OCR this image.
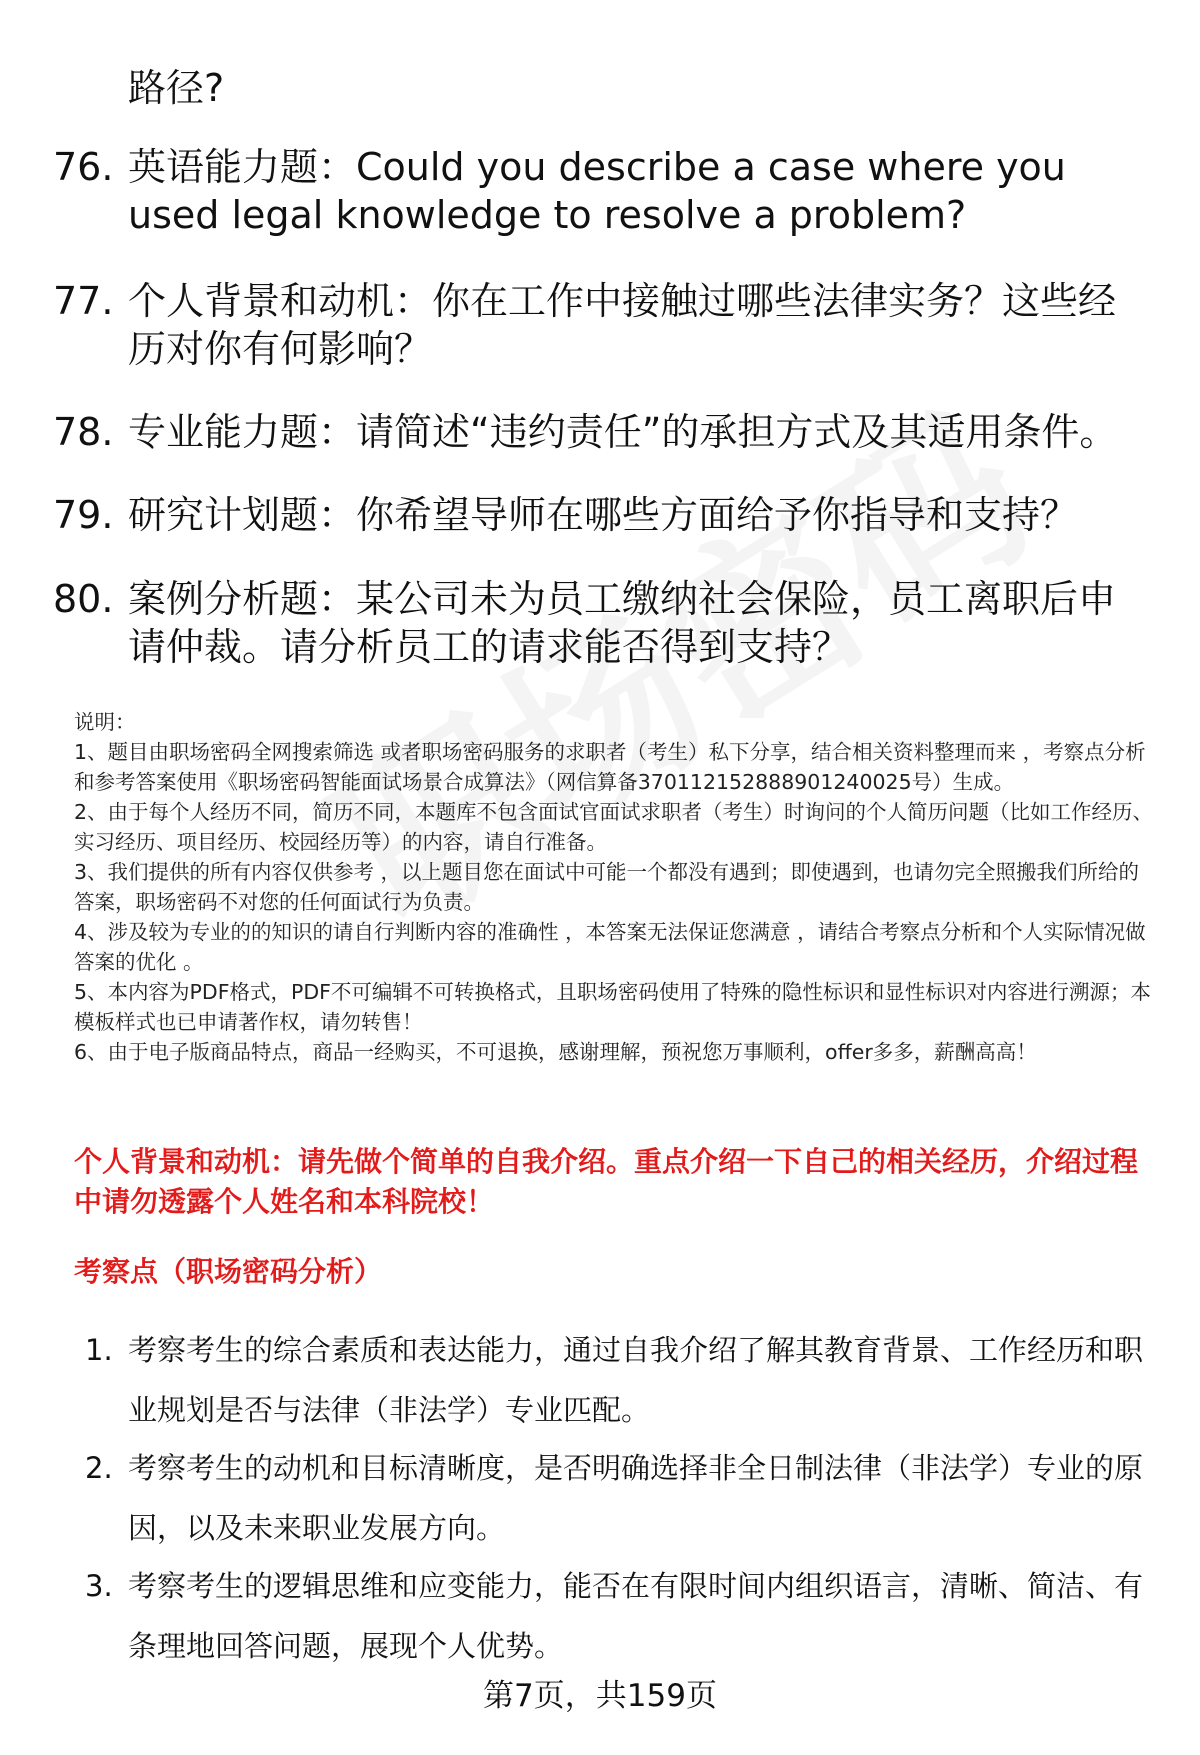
路径?
76. 英语能力题：Could you describe a case where you used legal knowledge to resolve a problem?
77. 个人背景和动机：你在工作中接触过哪些法律实务？这些经历对你有何影响？
78. 专业能力题：请简述“违约责任”的承担方式及其适用条件。
79. 研究计划题：你希望导师在哪些方面给予你指导和支持？
80. 案例分析题：某公司未为员工缴纳社会保险，员工离职后申请仲裁。请分析员工的请求能否得到支持？

说明：

1、题目由职场密码全网搜索筛选 或者职场密码服务的求职者（考生）私下分享，结合相关资料整理而来 ，考察点分析和参考答案使用《职场密码智能面试场景合成算法》（网信算备370112152888901240025号）生成。

2、由于每个人经历不同，简历不同，本题库不包含面试官面试求职者（考生）时询问的个人简历问题（比如工作经历、实习经历、项目经历、校园经历等）的内容，请自行准备。

3、我们提供的所有内容仅供参考 ，以上题目您在面试中可能一个都没有遇到；即使遇到，也请勿完全照搬我们所给的答案，职场密码不对您的任何面试行为负责。

4、涉及较为专业的的知识的请自行判断内容的准确性 ，本答案无法保证您满意 ，请结合考察点分析和个人实际情况做答案的优化 。

5、本内容为PDF格式，PDF不可编辑不可转换格式，且职场密码使用了特殊的隐性标识和显性标识对内容进行溯源；本模板样式也已申请著作权，请勿转售！

6、由于电子版商品特点，商品一经购买，不可退换，感谢理解，预祝您万事顺利，offer多多，薪酬高高！

个人背景和动机：请先做个简单的自我介绍。重点介绍一下自己的相关经历，介绍过程中请勿透露个人姓名和本科院校！
考察点（职场密码分析）
1. 考察考生的综合素质和表达能力，通过自我介绍了解其教育背景、工作经历和职业规划是否与法律（非法学）专业匹配。
2. 考察考生的动机和目标清晰度，是否明确选择非全日制法律（非法学）专业的原因，以及未来职业发展方向。
3. 考察考生的逻辑思维和应变能力，能否在有限时间内组织语言，清晰、简洁、有条理地回答问题，展现个人优势。
第7页，共159页
